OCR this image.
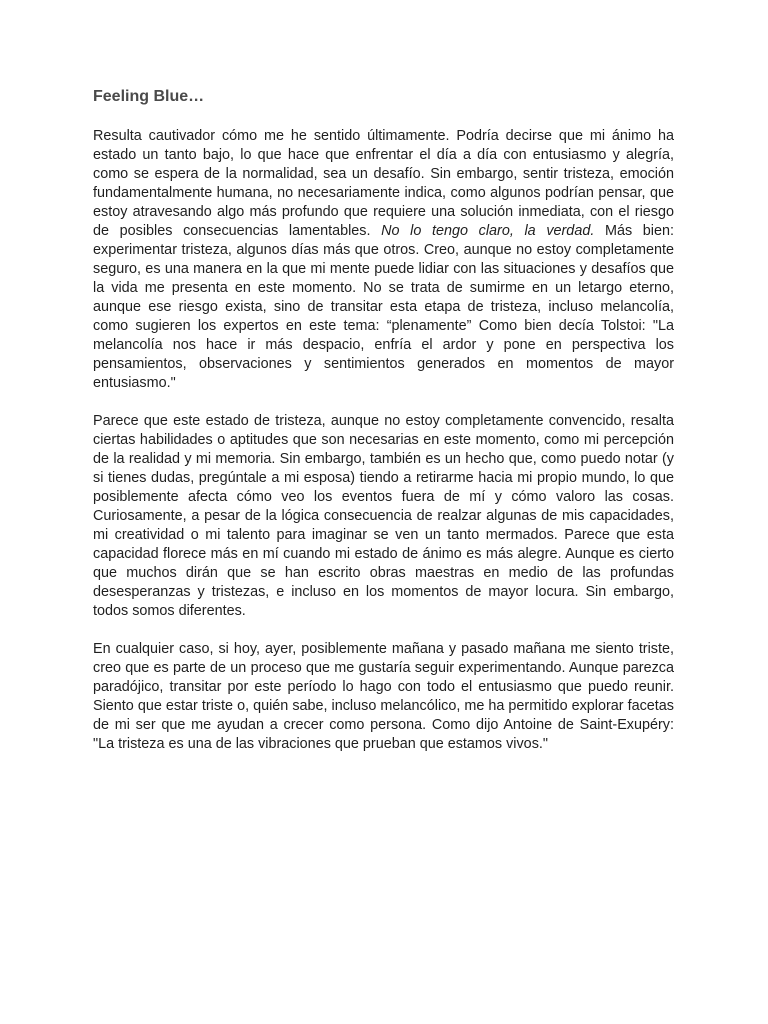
Feeling Blue…

Resulta cautivador cómo me he sentido últimamente. Podría decirse que mi ánimo ha estado un tanto bajo, lo que hace que enfrentar el día a día con entusiasmo y alegría, como se espera de la normalidad, sea un desafío. Sin embargo, sentir tristeza, emoción fundamentalmente humana, no necesariamente indica, como algunos podrían pensar, que estoy atravesando algo más profundo que requiere una solución inmediata, con el riesgo de posibles consecuencias lamentables. No lo tengo claro, la verdad. Más bien: experimentar tristeza, algunos días más que otros. Creo, aunque no estoy completamente seguro, es una manera en la que mi mente puede lidiar con las situaciones y desafíos que la vida me presenta en este momento. No se trata de sumirme en un letargo eterno, aunque ese riesgo exista, sino de transitar esta etapa de tristeza, incluso melancolía, como sugieren los expertos en este tema: “plenamente” Como bien decía Tolstoi: "La melancolía nos hace ir más despacio, enfría el ardor y pone en perspectiva los pensamientos, observaciones y sentimientos generados en momentos de mayor entusiasmo."

Parece que este estado de tristeza, aunque no estoy completamente convencido, resalta ciertas habilidades o aptitudes que son necesarias en este momento, como mi percepción de la realidad y mi memoria. Sin embargo, también es un hecho que, como puedo notar (y si tienes dudas, pregúntale a mi esposa) tiendo a retirarme hacia mi propio mundo, lo que posiblemente afecta cómo veo los eventos fuera de mí y cómo valoro las cosas. Curiosamente, a pesar de la lógica consecuencia de realzar algunas de mis capacidades, mi creatividad o mi talento para imaginar se ven un tanto mermados. Parece que esta capacidad florece más en mí cuando mi estado de ánimo es más alegre. Aunque es cierto que muchos dirán que se han escrito obras maestras en medio de las profundas desesperanzas y tristezas, e incluso en los momentos de mayor locura. Sin embargo, todos somos diferentes.

En cualquier caso, si hoy, ayer, posiblemente mañana y pasado mañana me siento triste, creo que es parte de un proceso que me gustaría seguir experimentando. Aunque parezca paradójico, transitar por este período lo hago con todo el entusiasmo que puedo reunir. Siento que estar triste o, quién sabe, incluso melancólico, me ha permitido explorar facetas de mi ser que me ayudan a crecer como persona. Como dijo Antoine de Saint-Exupéry: "La tristeza es una de las vibraciones que prueban que estamos vivos."
